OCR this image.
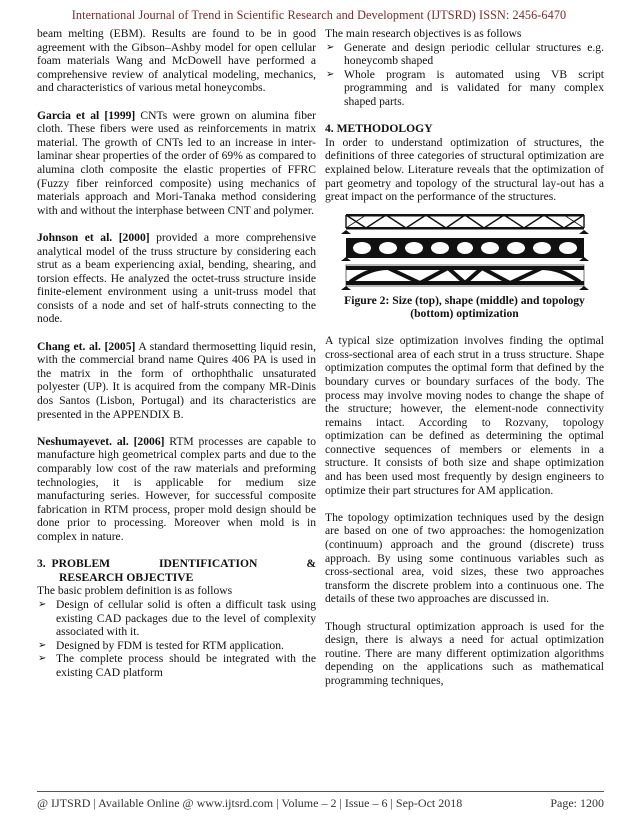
International Journal of Trend in Scientific Research and Development (IJTSRD) ISSN: 2456-6470

beam melting (EBM). Results are found to be in good agreement with the Gibson–Ashby model for open cellular foam materials Wang and McDowell have performed a comprehensive review of analytical modeling, mechanics, and characteristics of various metal honeycombs.

Garcia et al [1999] CNTs were grown on alumina fiber cloth. These fibers were used as reinforcements in matrix material. The growth of CNTs led to an increase in inter-laminar shear properties of the order of 69% as compared to alumina cloth composite the elastic properties of FFRC (Fuzzy fiber reinforced composite) using mechanics of materials approach and Mori-Tanaka method considering with and without the interphase between CNT and polymer.

Johnson et al. [2000] provided a more comprehensive analytical model of the truss structure by considering each strut as a beam experiencing axial, bending, shearing, and torsion effects. He analyzed the octet-truss structure inside finite-element environment using a unit-truss model that consists of a node and set of half-struts connecting to the node.

Chang et. al. [2005] A standard thermosetting liquid resin, with the commercial brand name Quires 406 PA is used in the matrix in the form of orthophthalic unsaturated polyester (UP). It is acquired from the company MR-Dinis dos Santos (Lisbon, Portugal) and its characteristics are presented in the APPENDIX B.

Neshumayevet. al. [2006] RTM processes are capable to manufacture high geometrical complex parts and due to the comparably low cost of the raw materials and preforming technologies, it is applicable for medium size manufacturing series. However, for successful composite fabrication in RTM process, proper mold design should be done prior to processing. Moreover when mold is in complex in nature.

3. PROBLEM	IDENTIFICATION	&
RESEARCH OBJECTIVE

The basic problem definition is as follows

➢ Design of cellular solid is often a difficult task using existing CAD packages due to the level of complexity associated with it.
➢ Designed by FDM is tested for RTM application.
➢ The complete process should be integrated with the existing CAD platform

The main research objectives is as follows

➢ Generate and design periodic cellular structures e.g. honeycomb shaped
➢ Whole program is automated using VB script programming and is validated for many complex shaped parts.
4. METHODOLOGY

In order to understand optimization of structures, the definitions of three categories of structural optimization are explained below. Literature reveals that the optimization of part geometry and topology of the structural lay-out has a great impact on the performance of the structures.

Figure 2: Size (top), shape (middle) and topology (bottom) optimization

A typical size optimization involves finding the optimal cross-sectional area of each strut in a truss structure. Shape optimization computes the optimal form that defined by the boundary curves or boundary surfaces of the body. The process may involve moving nodes to change the shape of the structure; however, the element-node connectivity remains intact. According to Rozvany, topology optimization can be defined as determining the optimal connective sequences of members or elements in a structure. It consists of both size and shape optimization and has been used most frequently by design engineers to optimize their part structures for AM application.

The topology optimization techniques used by the design are based on one of two approaches: the homogenization (continuum) approach and the ground (discrete) truss approach. By using some continuous variables such as cross-sectional area, void sizes, these two approaches transform the discrete problem into a continuous one. The details of these two approaches are discussed in.

Though structural optimization approach is used for the design, there is always a need for actual optimization routine. There are many different optimization algorithms depending on the applications such as mathematical programming techniques,

◯
@ IJTSRD | Available Online @ www.ijtsrd.com | Volume – 2 | Issue – 6 | Sep-Oct 2018	Page: 1200
